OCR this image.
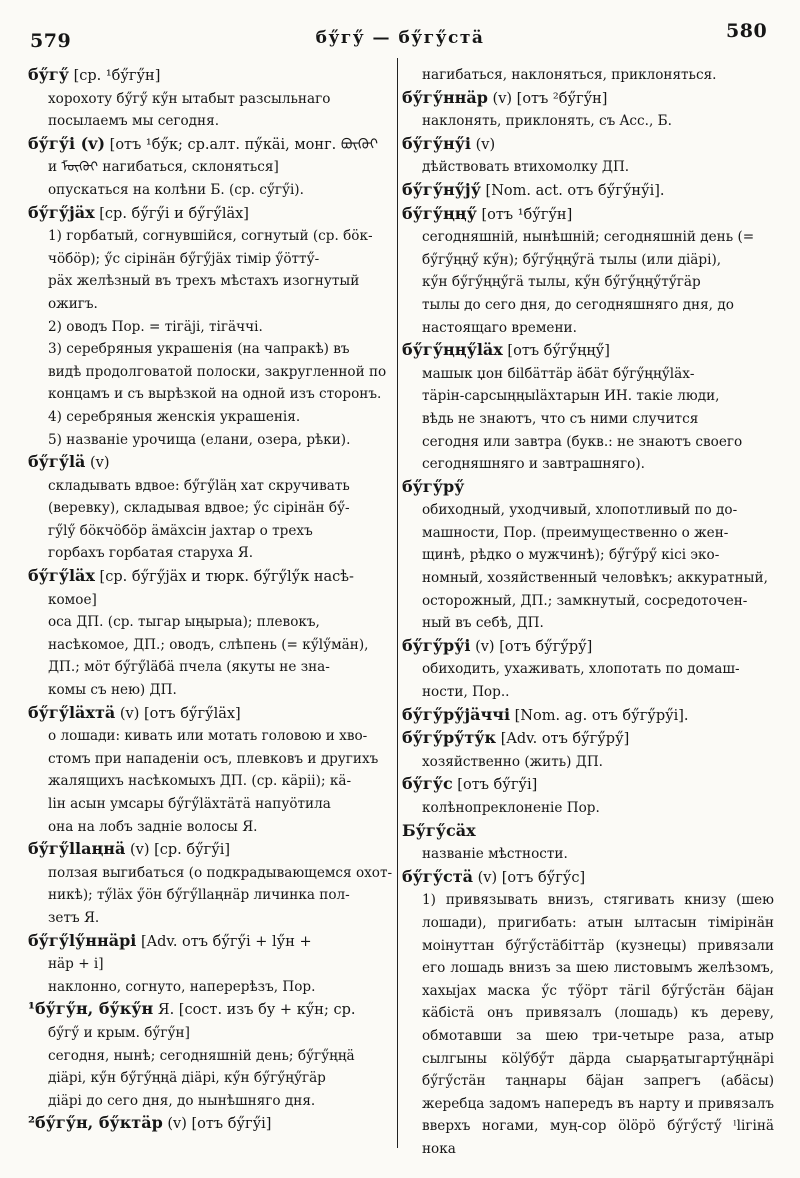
579	бӳгӳ — бӳгӳстä	580
бӳгӳ [ср. ¹бӳгӳн]
хорохоту бӳгӳ кӳн ытабыт разсыльнаго
посылаемъ мы сегодня.
бӳгӳі (v) [отъ ¹бӳк; ср.алт. пӳкäі, монг. ᠪᠥᠬᠥᠢ
и ᠮᠥᠬᠥᠢ нагибаться, склоняться]
опускаться на колѣни Б. (ср. сӳгӳі).
бӳгӳјäх [ср. бӳгӳі и бӳгӳläх]
1) горбатый, согнувшійся, согнутый (ср. бöк-
чöбӧр); ӳс сірінäн бӳгӳјäх тімір ӳöттӳ-
рäх желѣзный въ трехъ мѣстахъ изогнутый
ожигъ.
2) оводъ Пор. = тігäјі, тігäччі.
3) серебряныя украшенія (на чапракѣ) въ
видѣ продолговатой полоски, закругленной по
концамъ и съ вырѣзкой на одной изъ сторонъ.
4) серебряныя женскія украшенія.
5) названіе урочища (елани, озера, рѣки).
бӳгӳlä (v)
складывать вдвое: бӳгӳläң хат скручивать
(веревку), складывая вдвое; ӳс сірінäн бӳ-
гӳlӳ бöкчöбӧр äмäхсін јахтар о трехъ
горбахъ горбатая старуха Я.
бӳгӳläх [ср. бӳгӳјäх и тюрк. бӳгӳlӳк насѣ-
комое]
оса ДП. (ср. тыгар ыңырыа); плевокъ,
насѣкомое, ДП.; оводъ, слѣпень (= кӳlӳмäн),
ДП.; мӧт бӳгӳläбä пчела (якуты не зна-
комы съ нею) ДП.
бӳгӳläхтä (v) [отъ бӳгӳläх]
о лошади: кивать или мотать головою и хво-
стомъ при нападеніи осъ, плевковъ и другихъ
жалящихъ насѣкомыхъ ДП. (ср. кäріі); кä-
lін асын умсары бӳгӳläхтäтä напуӧтила
она на лобъ задніе волосы Я.
бӳгӳllаңнä (v) [ср. бӳгӳі]
ползая выгибаться (о подкрадывающемся охот-
никѣ); тӳläх ӳöн бӳгӳllаңнäр личинка пол-
зетъ Я.
бӳгӳlӳннäрі [Adv. отъ бӳгӳі + lӳн +
нäр + і]
наклонно, согнуто, наперерѣзъ, Пор.
¹бӳгӳн, бӳкӳн Я. [сост. изъ бу + кӳн; ср.
бӳгӳ и крым. бӳгӳн]
сегодня, нынѣ; сегодняшній день; бӳгӳңңä
дiäрi, кӳн бӳгӳңңä дiäрi, кӳн бӳгӳңӳгäр
дiäрi до сего дня, до нынѣшняго дня.
²бӳгӳн, бӳктäр (v) [отъ бӳгӳі]
нагибаться, наклоняться, приклоняться.
бӳгӳннäр (v) [отъ ²бӳгӳн]
наклонять, приклонять, съ Acc., Б.
бӳгӳнӳі (v)
дѣйствовать втихомолку ДП.
бӳгӳнӳјӳ [Nom. act. отъ бӳгӳнӳі].
бӳгӳңңӳ [отъ ¹бӳгӳн]
сегодняшній, нынѣшній; сегодняшній день (=
бӳгӳңңӳ кӳн); бӳгӳңңӳгä тылы (или дiäрi),
кӳн бӳгӳңңӳгä тылы, кӳн бӳгӳңңӳтӳгäр
тылы до сего дня, до сегодняшняго дня, до
настоящаго времени.
бӳгӳңңӳläх [отъ бӳгӳңңӳ]
машык џон біlбäттäр äбäт бӳгӳңңӳläх-
тäрін-сарсыңңыläхтарын ИН. такіе люди,
вѣдь не знаютъ, что съ ними случится
сегодня или завтра (букв.: не знаютъ своего
сегодняшняго и завтрашняго).
бӳгӳрӳ
обиходный, уходчивый, хлопотливый по до-
машности, Пор. (преимущественно о жен-
щинѣ, рѣдко о мужчинѣ); бӳгӳрӳ кісі эко-
номный, хозяйственный человѣкъ; аккуратный,
осторожный, ДП.; замкнутый, сосредоточен-
ный въ себѣ, ДП.
бӳгӳрӳі (v) [отъ бӳгӳрӳ]
обиходить, ухаживать, хлопотать по домаш-
ности, Пор..
бӳгӳрӳјäччі [Nom. ag. отъ бӳгӳрӳі].
бӳгӳрӳтӳк [Adv. отъ бӳгӳрӳ]
хозяйственно (жить) ДП.
бӳгӳс [отъ бӳгӳі]
колѣнопреклоненіе Пор.
Бӳгӳсäх
названіе мѣстности.
бӳгӳстä (v) [отъ бӳгӳс]
1) привязывать внизъ, стягивать книзу (шею лошади), пригибать: атын ылтасын тімірінäн моінуттан бӳгӳстäбіттäр (кузнецы) привязали его лошадь внизъ за шею листовымъ желѣзомъ, хахыјах маска ӳс тӳöрт тäгіl бӳгӳстäн бäјан кäбістä онъ привязалъ (лошадь) къ дереву, обмотавши за шею три-четыре раза, атыр сылгыны кӧlӳбӳт дäрда сыарҕатыгартӳңнäрі бӳгӳстäн таңнары бäјан запрегъ (абäсы) жеребца задомъ напередъ въ нарту и привязалъ вверхъ ногами, муң-сор ölöрö бӳгӳстӳ ˡlігінä нока
